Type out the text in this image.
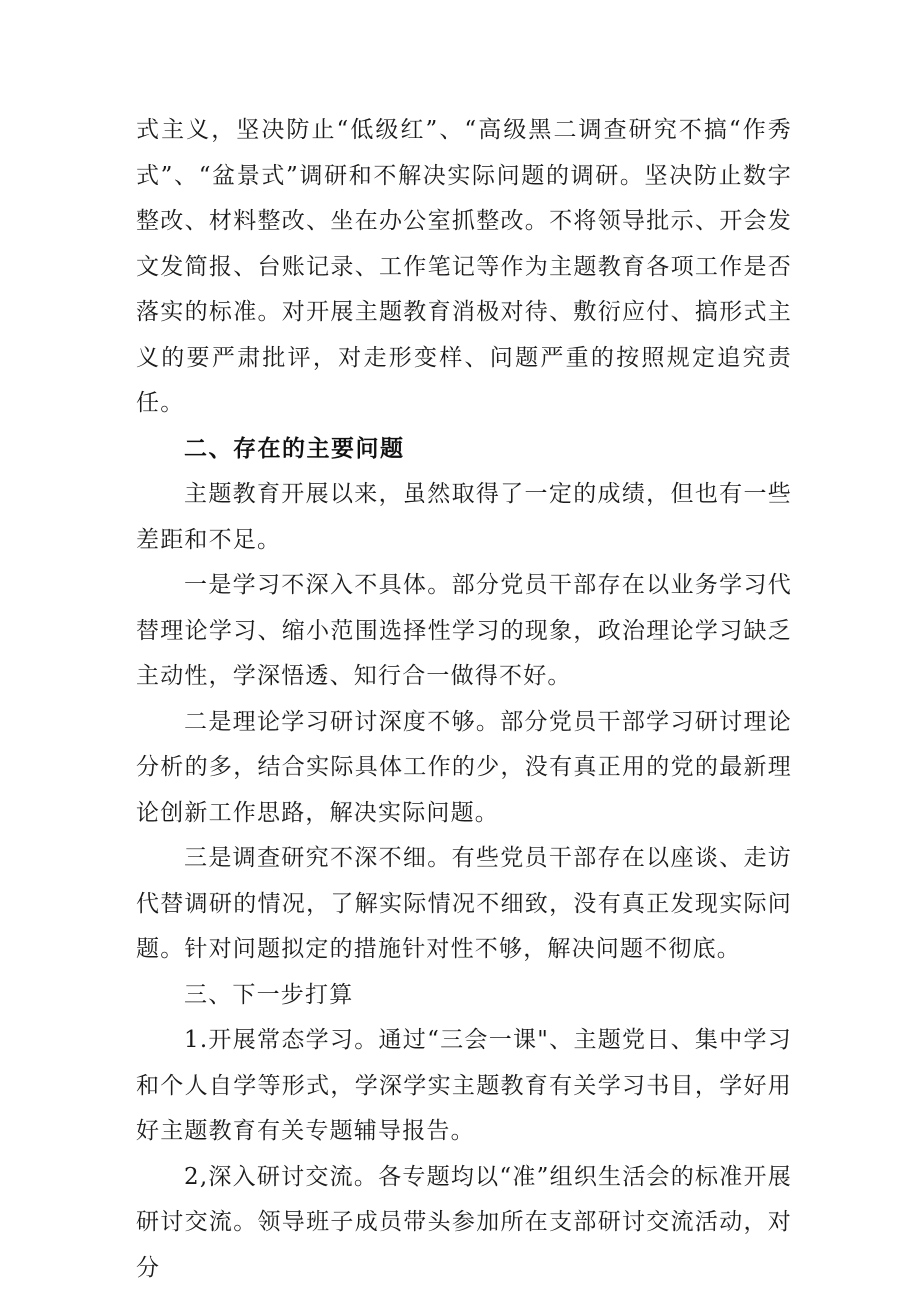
式主义，坚决防止“低级红”、“高级黑二调查研究不搞“作秀式”、“盆景式”调研和不解决实际问题的调研。坚决防止数字整改、材料整改、坐在办公室抓整改。不将领导批示、开会发文发简报、台账记录、工作笔记等作为主题教育各项工作是否落实的标准。对开展主题教育消极对待、敷衍应付、搞形式主义的要严肃批评，对走形变样、问题严重的按照规定追究责任。

二、存在的主要问题

主题教育开展以来，虽然取得了一定的成绩，但也有一些差距和不足。

一是学习不深入不具体。部分党员干部存在以业务学习代替理论学习、缩小范围选择性学习的现象，政治理论学习缺乏主动性，学深悟透、知行合一做得不好。

二是理论学习研讨深度不够。部分党员干部学习研讨理论分析的多，结合实际具体工作的少，没有真正用的党的最新理论创新工作思路，解决实际问题。

三是调查研究不深不细。有些党员干部存在以座谈、走访代替调研的情况，了解实际情况不细致，没有真正发现实际问题。针对问题拟定的措施针对性不够，解决问题不彻底。

三、下一步打算

1.开展常态学习。通过“三会一课"、主题党日、集中学习和个人自学等形式，学深学实主题教育有关学习书目，学好用好主题教育有关专题辅导报告。

2,深入研讨交流。各专题均以“准”组织生活会的标准开展研讨交流。领导班子成员带头参加所在支部研讨交流活动，对分
